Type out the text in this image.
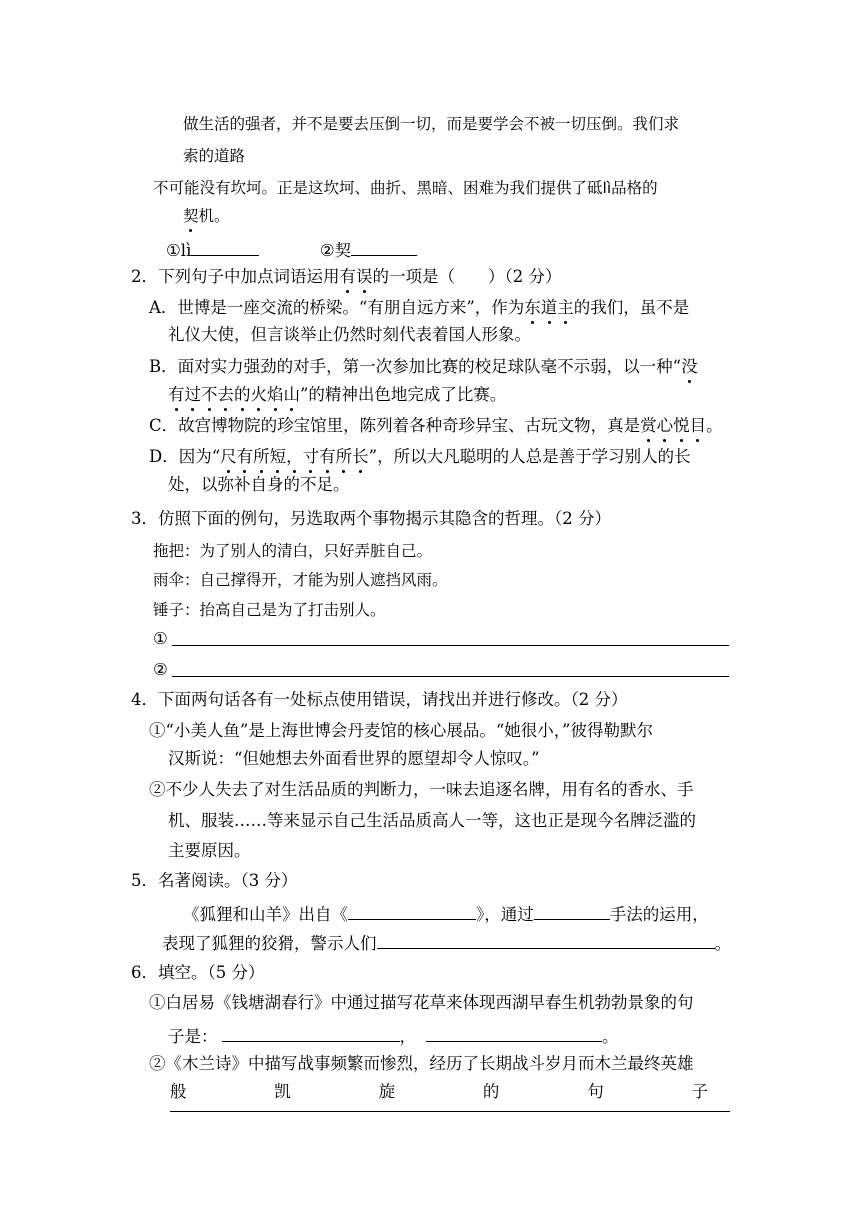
做生活的强者，并不是要去压倒一切，而是要学会不被一切压倒。我们求
索的道路
不可能没有坎坷。正是这坎坷、曲折、黑暗、困难为我们提供了砥lì品格的
契机。
①lì	②契
2．下列句子中加点词语运用有误的一项是（　　）（2 分）
A．世博是一座交流的桥梁。“有朋自远方来”，作为东道主的我们，虽不是
礼仪大使，但言谈举止仍然时刻代表着国人形象。
B．面对实力强劲的对手，第一次参加比赛的校足球队毫不示弱，以一种“没
有过不去的火焰山”的精神出色地完成了比赛。
C．故宫博物院的珍宝馆里，陈列着各种奇珍异宝、古玩文物，真是赏心悦目。
D．因为“尺有所短，寸有所长”，所以大凡聪明的人总是善于学习别人的长
处，以弥补自身的不足。
3．仿照下面的例句，另选取两个事物揭示其隐含的哲理。（2 分）
拖把：为了别人的清白，只好弄脏自己。
雨伞：自己撑得开，才能为别人遮挡风雨。
锤子：抬高自己是为了打击别人。
①
②
4．下面两句话各有一处标点使用错误，请找出并进行修改。（2 分）
①“小美人鱼”是上海世博会丹麦馆的核心展品。“她很小，”彼得勒默尔
汉斯说：“但她想去外面看世界的愿望却令人惊叹。”
②不少人失去了对生活品质的判断力，一味去追逐名牌，用有名的香水、手
机、服装……等来显示自己生活品质高人一等，这也正是现今名牌泛滥的
主要原因。
5．名著阅读。（3 分）
《狐狸和山羊》出自《	》，通过	手法的运用，
表现了狐狸的狡猾，警示人们	。
6．填空。（5 分）
①白居易《钱塘湖春行》中通过描写花草来体现西湖早春生机勃勃景象的句
子是：	，	。
②《木兰诗》中描写战事频繁而惨烈，经历了长期战斗岁月而木兰最终英雄
般	凯	旋	的	句	子
